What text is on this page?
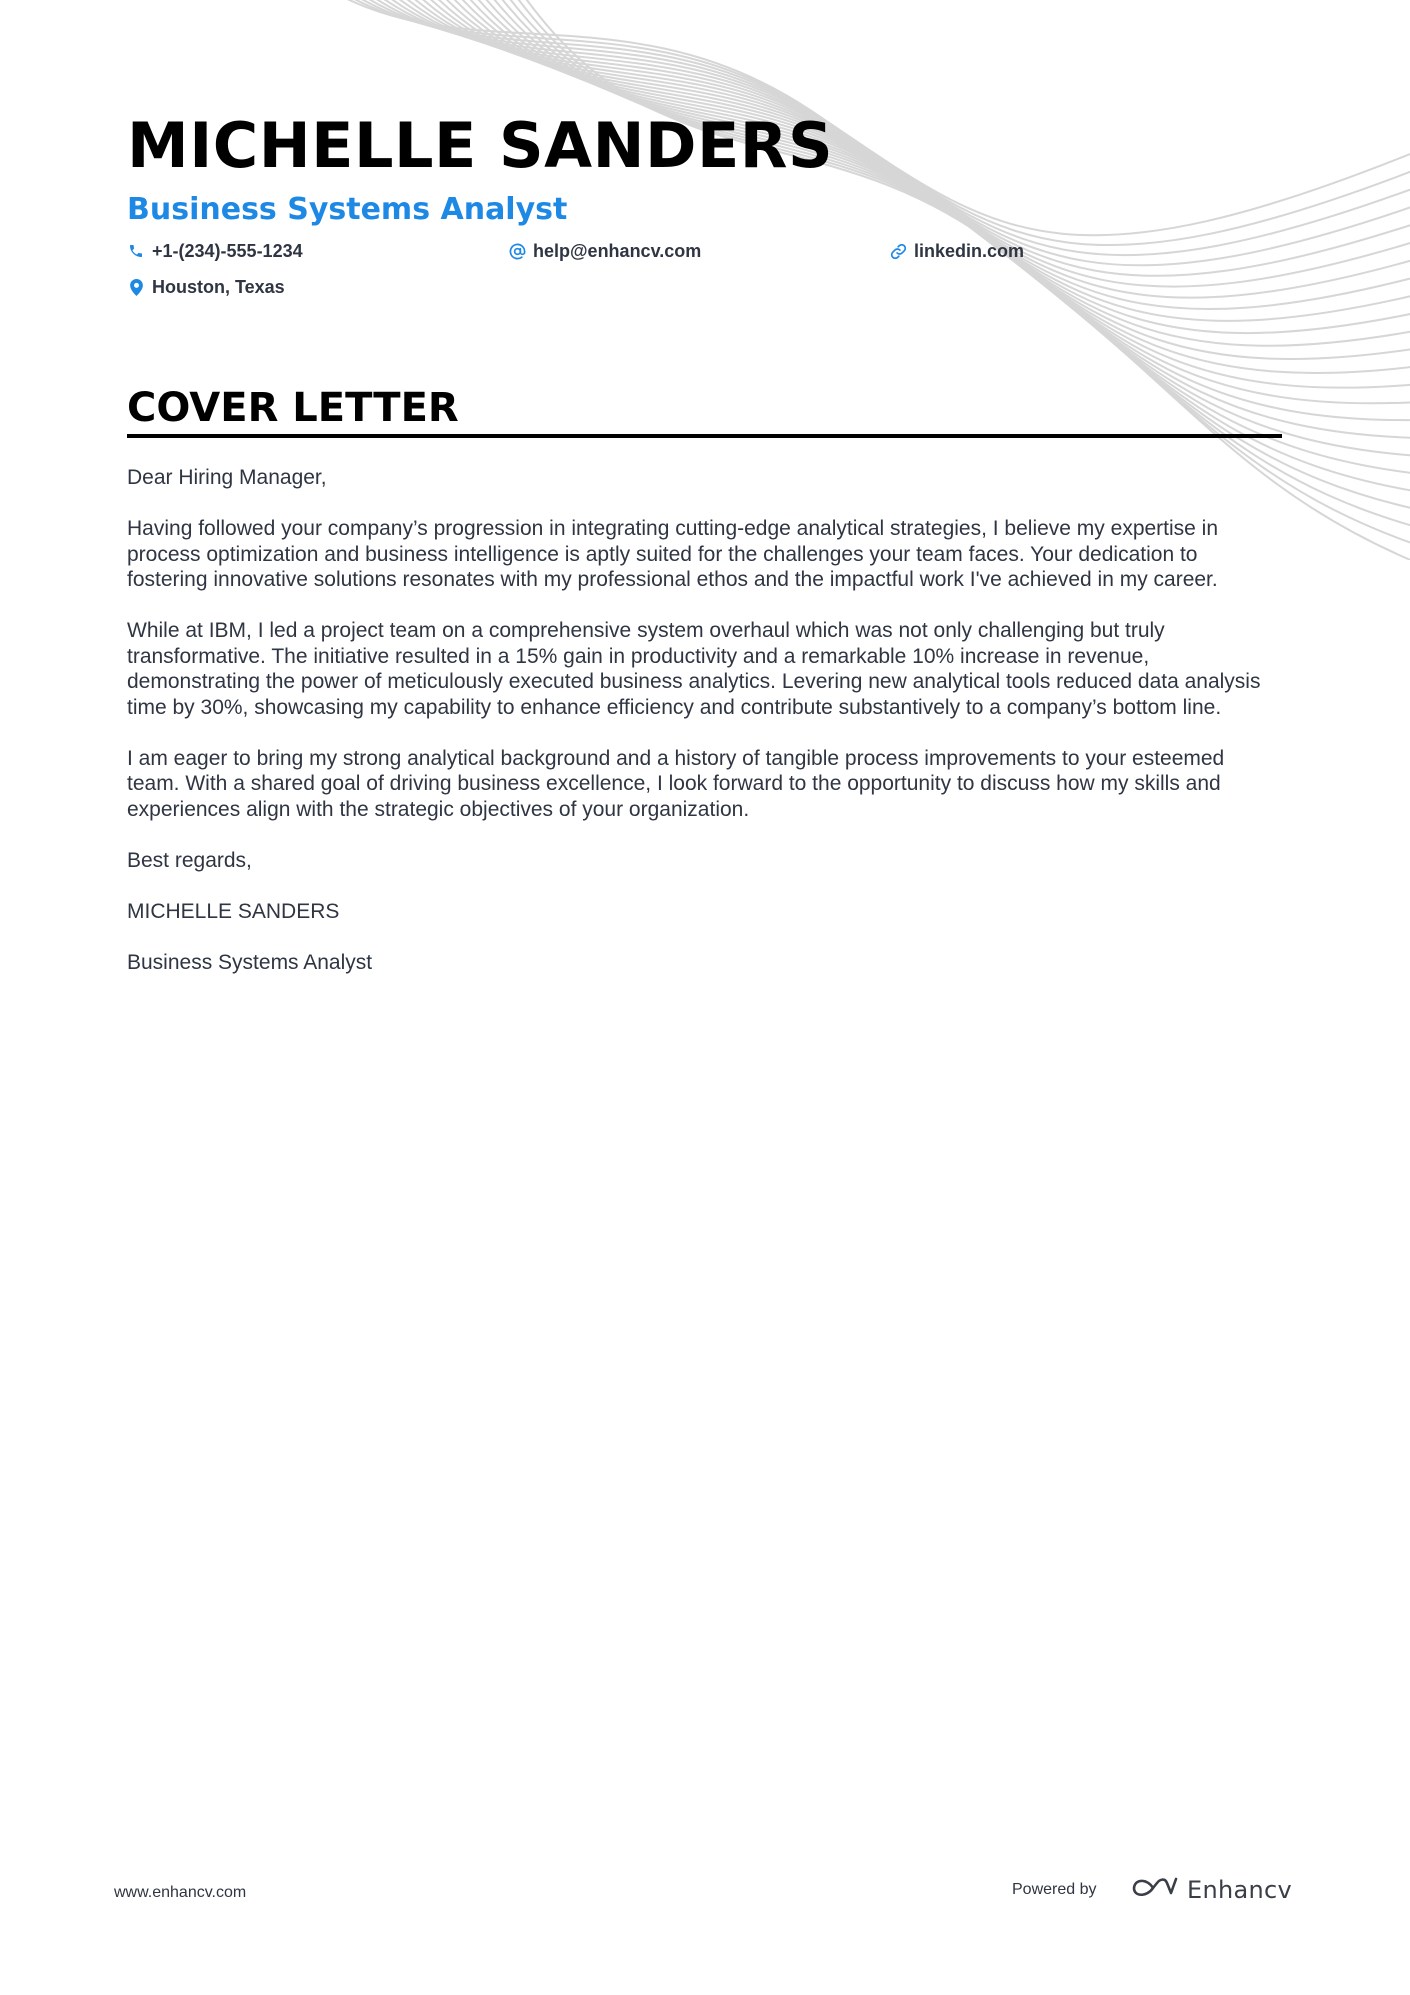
MICHELLE SANDERS
Business Systems Analyst
+1-(234)-555-1234	help@enhancv.com	linkedin.com
Houston, Texas
COVER LETTER

Dear Hiring Manager,

Having followed your company’s progression in integrating cutting-edge analytical strategies, I believe my expertise in process optimization and business intelligence is aptly suited for the challenges your team faces. Your dedication to fostering innovative solutions resonates with my professional ethos and the impactful work I've achieved in my career.

While at IBM, I led a project team on a comprehensive system overhaul which was not only challenging but truly transformative. The initiative resulted in a 15% gain in productivity and a remarkable 10% increase in revenue, demonstrating the power of meticulously executed business analytics. Levering new analytical tools reduced data analysis time by 30%, showcasing my capability to enhance efficiency and contribute substantively to a company’s bottom line.

I am eager to bring my strong analytical background and a history of tangible process improvements to your esteemed team. With a shared goal of driving business excellence, I look forward to the opportunity to discuss how my skills and experiences align with the strategic objectives of your organization.

Best regards,

MICHELLE SANDERS

Business Systems Analyst

www.enhancv.com	Powered by	Enhancv
